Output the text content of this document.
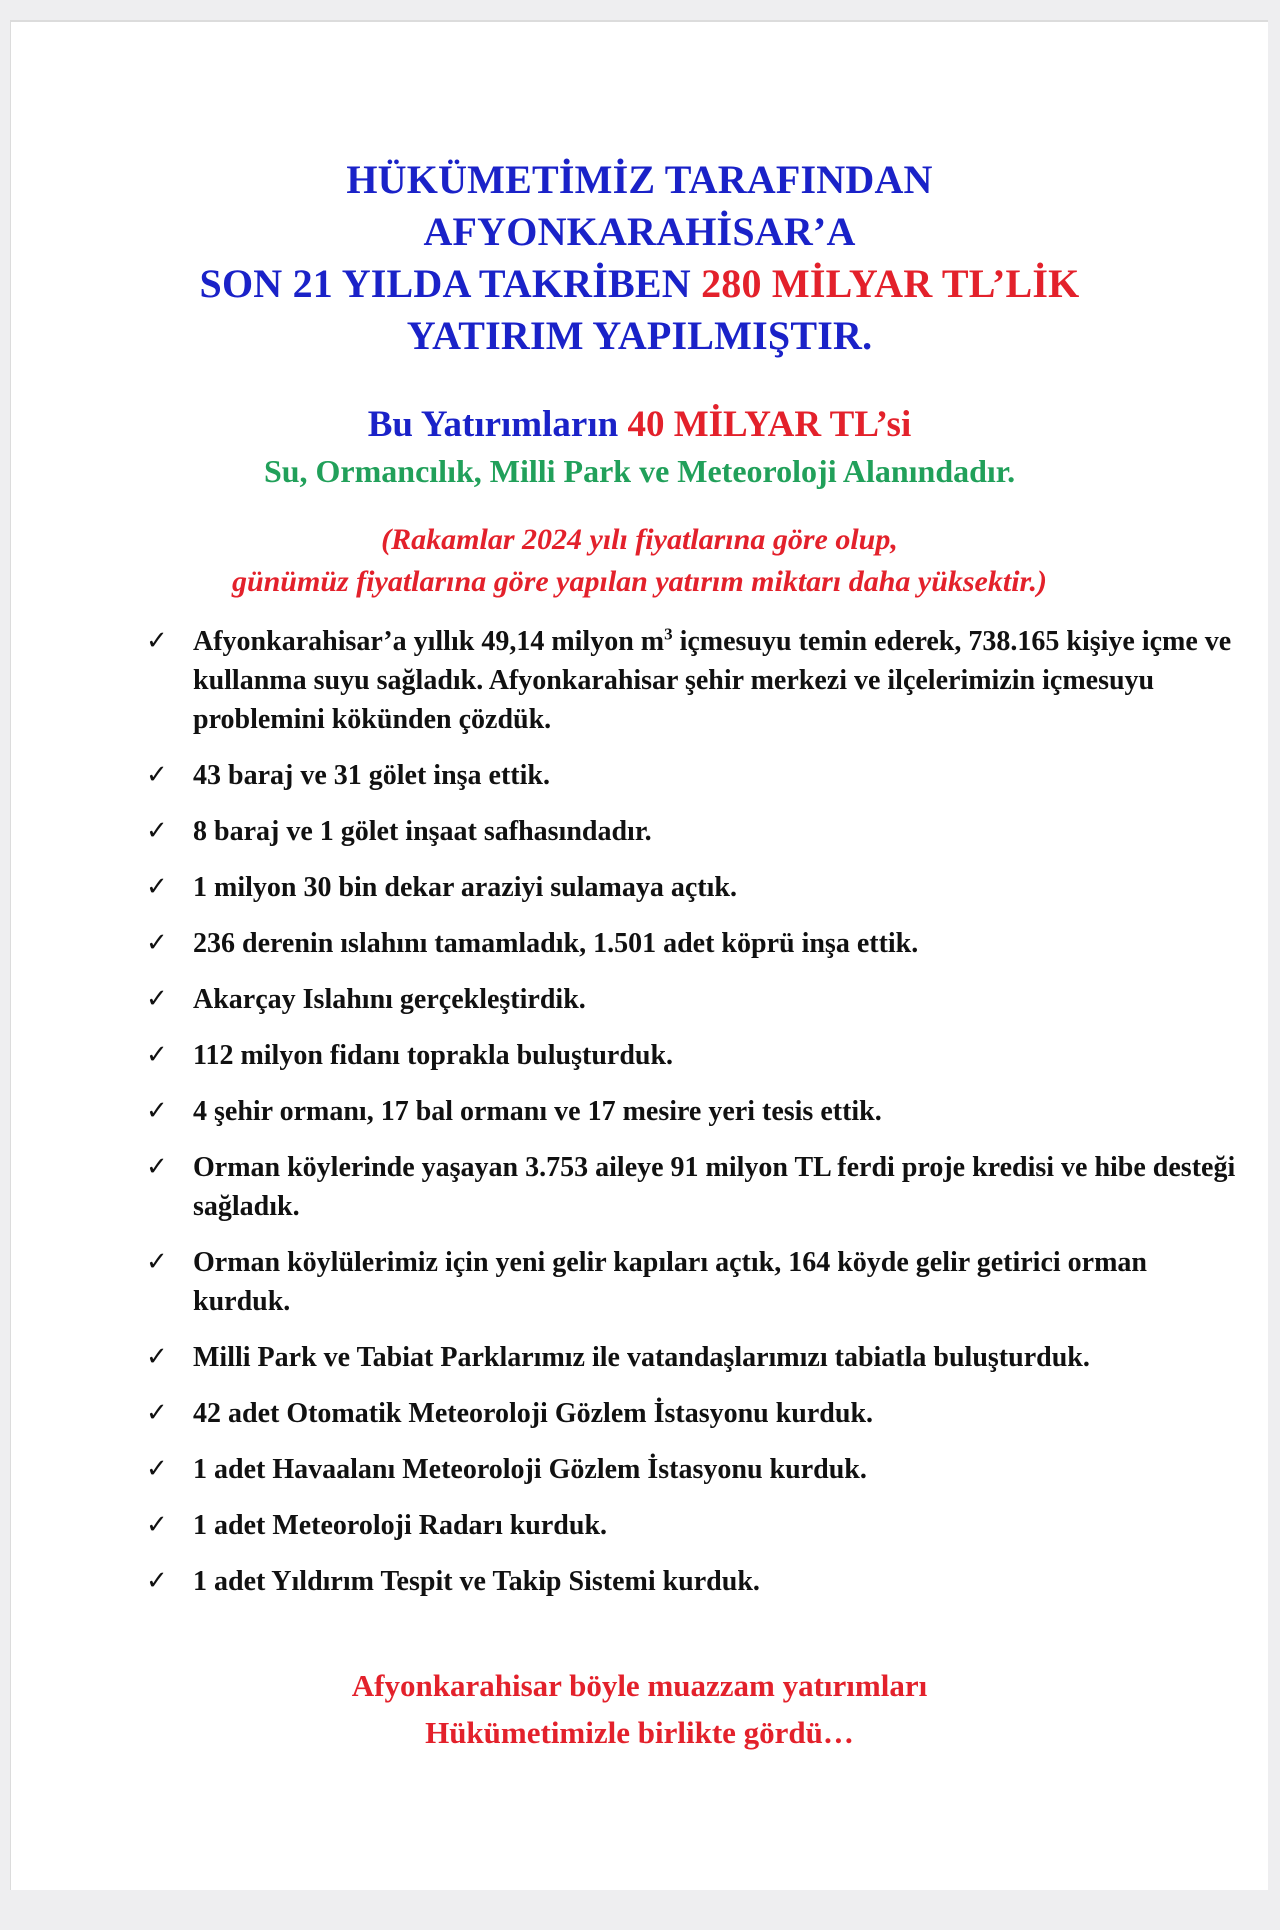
HÜKÜMETİMİZ TARAFINDAN
AFYONKARAHİSAR’A
SON 21 YILDA TAKRİBEN 280 MİLYAR TL’LİK
YATIRIM YAPILMIŞTIR.
Bu Yatırımların 40 MİLYAR TL’si
Su, Ormancılık, Milli Park ve Meteoroloji Alanındadır.
(Rakamlar 2024 yılı fiyatlarına göre olup,
günümüz fiyatlarına göre yapılan yatırım miktarı daha yüksektir.)
✓ Afyonkarahisar’a yıllık 49,14 milyon $m^3$ içmesuyu temin ederek, 738.165 kişiye içme ve kullanma suyu sağladık. Afyonkarahisar şehir merkezi ve ilçelerimizin içmesuyu problemini kökünden çözdük.
✓ 43 baraj ve 31 gölet inşa ettik.
✓ 8 baraj ve 1 gölet inşaat safhasındadır.
✓ 1 milyon 30 bin dekar araziyi sulamaya açtık.
✓ 236 derenin ıslahını tamamladık, 1.501 adet köprü inşa ettik.
✓ Akarçay Islahını gerçekleştirdik.
✓ 112 milyon fidanı toprakla buluşturduk.
✓ 4 şehir ormanı, 17 bal ormanı ve 17 mesire yeri tesis ettik.
✓ Orman köylerinde yaşayan 3.753 aileye 91 milyon TL ferdi proje kredisi ve hibe desteği sağladık.
✓ Orman köylülerimiz için yeni gelir kapıları açtık, 164 köyde gelir getirici orman kurduk.
✓ Milli Park ve Tabiat Parklarımız ile vatandaşlarımızı tabiatla buluşturduk.
✓ 42 adet Otomatik Meteoroloji Gözlem İstasyonu kurduk.
✓ 1 adet Havaalanı Meteoroloji Gözlem İstasyonu kurduk.
✓ 1 adet Meteoroloji Radarı kurduk.
✓ 1 adet Yıldırım Tespit ve Takip Sistemi kurduk.
Afyonkarahisar böyle muazzam yatırımları
Hükümetimizle birlikte gördü…
